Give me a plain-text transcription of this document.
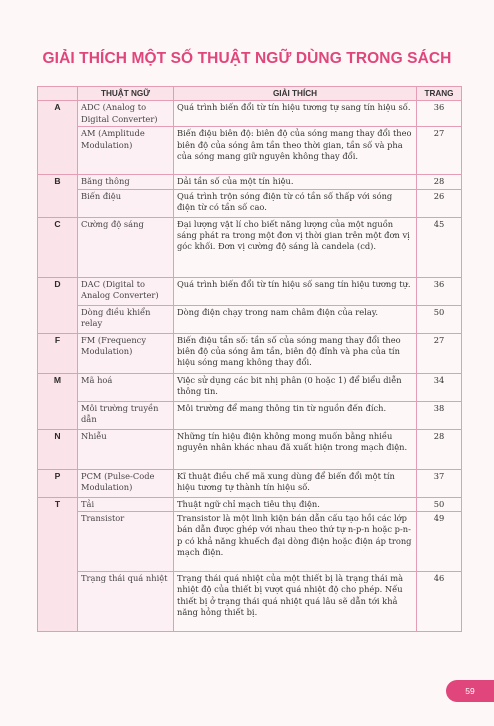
GIẢI THÍCH MỘT SỐ THUẬT NGỮ DÙNG TRONG SÁCH
	THUẬT NGỮ	GIẢI THÍCH	TRANG
A	ADC (Analog to Digital Converter)	Quá trình biến đổi từ tín hiệu tương tự sang tín hiệu số.	36
	AM (Amplitude Modulation)	Biến điệu biên độ: biên độ của sóng mang thay đổi theo biên độ của sóng âm tần theo thời gian, tần số và pha của sóng mang giữ nguyên không thay đổi.	27
B	Băng thông	Dải tần số của một tín hiệu.	28
	Biến điệu	Quá trình trộn sóng điện từ có tần số thấp với sóng điện từ có tần số cao.	26
C	Cường độ sáng	Đại lượng vật lí cho biết năng lượng của một nguồn sáng phát ra trong một đơn vị thời gian trên một đơn vị góc khối. Đơn vị cường độ sáng là candela (cd).	45
D	DAC (Digital to Analog Converter)	Quá trình biến đổi từ tín hiệu số sang tín hiệu tương tự.	36
	Dòng điều khiển relay	Dòng điện chạy trong nam châm điện của relay.	50
F	FM (Frequency Modulation)	Biến điệu tần số: tần số của sóng mang thay đổi theo biên độ của sóng âm tần, biên độ đỉnh và pha của tín hiệu sóng mang không thay đổi.	27
M	Mã hoá	Việc sử dụng các bit nhị phân (0 hoặc 1) để biểu diễn thông tin.	34
	Môi trường truyền dẫn	Môi trường để mang thông tin từ nguồn đến đích.	38
N	Nhiễu	Những tín hiệu điện không mong muốn bằng nhiều nguyên nhân khác nhau đã xuất hiện trong mạch điện.	28
P	PCM (Pulse-Code Modulation)	Kĩ thuật điều chế mã xung dùng để biến đổi một tín hiệu tương tự thành tín hiệu số.	37
T	Tải	Thuật ngữ chỉ mạch tiêu thụ điện.	50
	Transistor	Transistor là một linh kiện bán dẫn cấu tạo hồi các lớp bán dẫn được ghép với nhau theo thứ tự n-p-n hoặc p-n-p có khả năng khuếch đại dòng điện hoặc điện áp trong mạch điện.	49
	Trạng thái quá nhiệt	Trạng thái quá nhiệt của một thiết bị là trạng thái mà nhiệt độ của thiết bị vượt quá nhiệt độ cho phép. Nếu thiết bị ở trạng thái quá nhiệt quá lâu sẽ dẫn tới khả năng hỏng thiết bị.	46
59
